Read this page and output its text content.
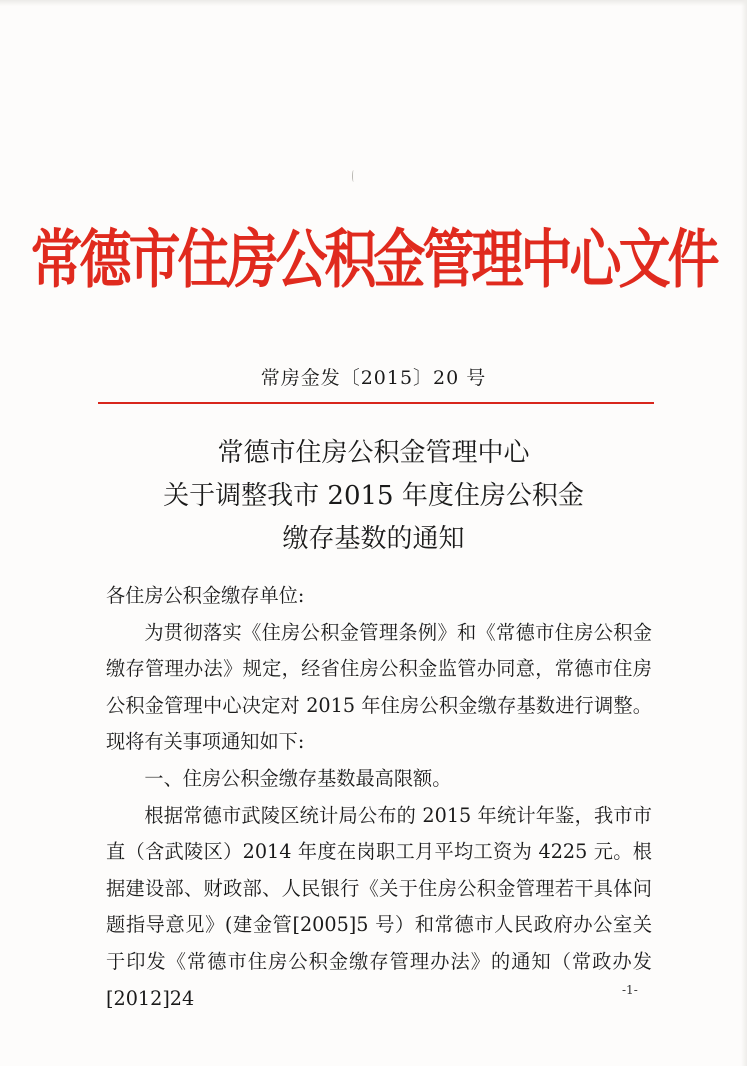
常德市住房公积金管理中心文件
常房金发〔2015〕20 号
常德市住房公积金管理中心
关于调整我市 2015 年度住房公积金
缴存基数的通知

各住房公积金缴存单位:

为贯彻落实《住房公积金管理条例》和《常德市住房公积金缴存管理办法》规定，经省住房公积金监管办同意，常德市住房公积金管理中心决定对 2015 年住房公积金缴存基数进行调整。现将有关事项通知如下:

一、住房公积金缴存基数最高限额。

根据常德市武陵区统计局公布的 2015 年统计年鉴，我市市直（含武陵区）2014 年度在岗职工月平均工资为 4225 元。根据建设部、财政部、人民银行《关于住房公积金管理若干具体问题指导意见》(建金管[2005]5 号）和常德市人民政府办公室关于印发《常德市住房公积金缴存管理办法》的通知（常政办发[2012]24	-1-
